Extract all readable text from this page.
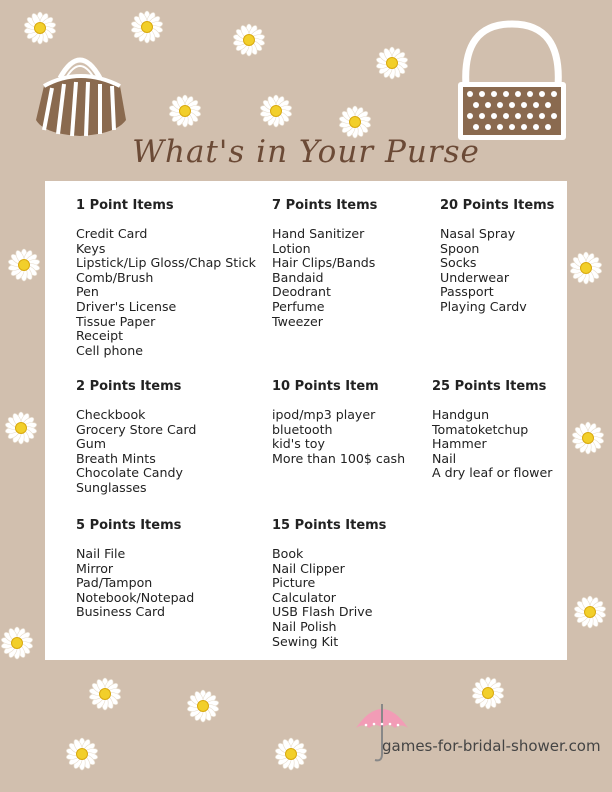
What's in Your Purse
1 Point Items
Credit Card
Keys
Lipstick/Lip Gloss/Chap Stick
Comb/Brush
Pen
Driver's License
Tissue Paper
Receipt
Cell phone
7 Points Items
Hand Sanitizer
Lotion
Hair Clips/Bands
Bandaid
Deodrant
Perfume
Tweezer
20 Points Items
Nasal Spray
Spoon
Socks
Underwear
Passport
Playing Cardv
2 Points Items
Checkbook
Grocery Store Card
Gum
Breath Mints
Chocolate Candy
Sunglasses
10 Points Item
ipod/mp3 player
bluetooth
kid's toy
More than 100$ cash
25 Points Items
Handgun
Tomatoketchup
Hammer
Nail
A dry leaf or flower
5 Points Items
Nail File
Mirror
Pad/Tampon
Notebook/Notepad
Business Card
15 Points Items
Book
Nail Clipper
Picture
Calculator
USB Flash Drive
Nail Polish
Sewing Kit
games-for-bridal-shower.com
